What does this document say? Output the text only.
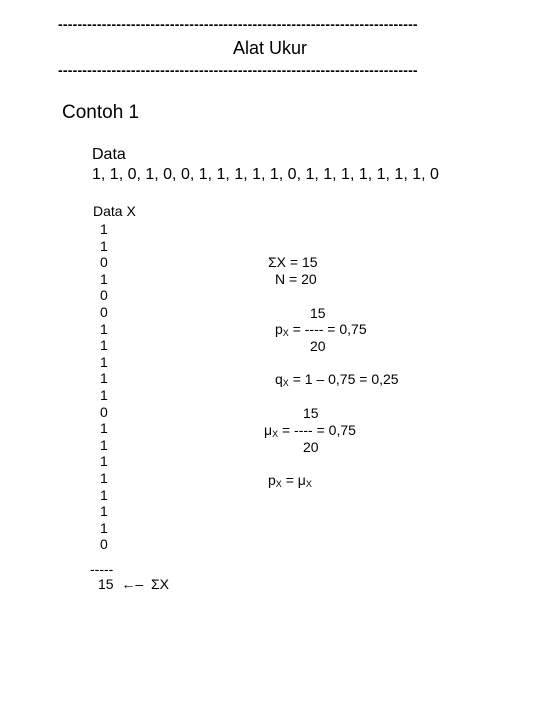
--------------------------------------------------------------------------
Alat Ukur
--------------------------------------------------------------------------
Contoh 1
Data
1, 1, 0, 1, 0, 0, 1, 1, 1, 1, 1, 0, 1, 1, 1, 1, 1, 1, 1, 0
Data X
1
1
0
1
0
0
1
1
1
1
1
0
1
1
1
1
1
1
1
0
-----
15 ←– ΣX
ΣX = 15
N = 20
15
$p_X$ = ---- = 0,75
20
$q_X = 1 - 0,75 = 0,25$
15
$\mu_X$ = ---- = 0,75
20
$p_X = \mu_X$
